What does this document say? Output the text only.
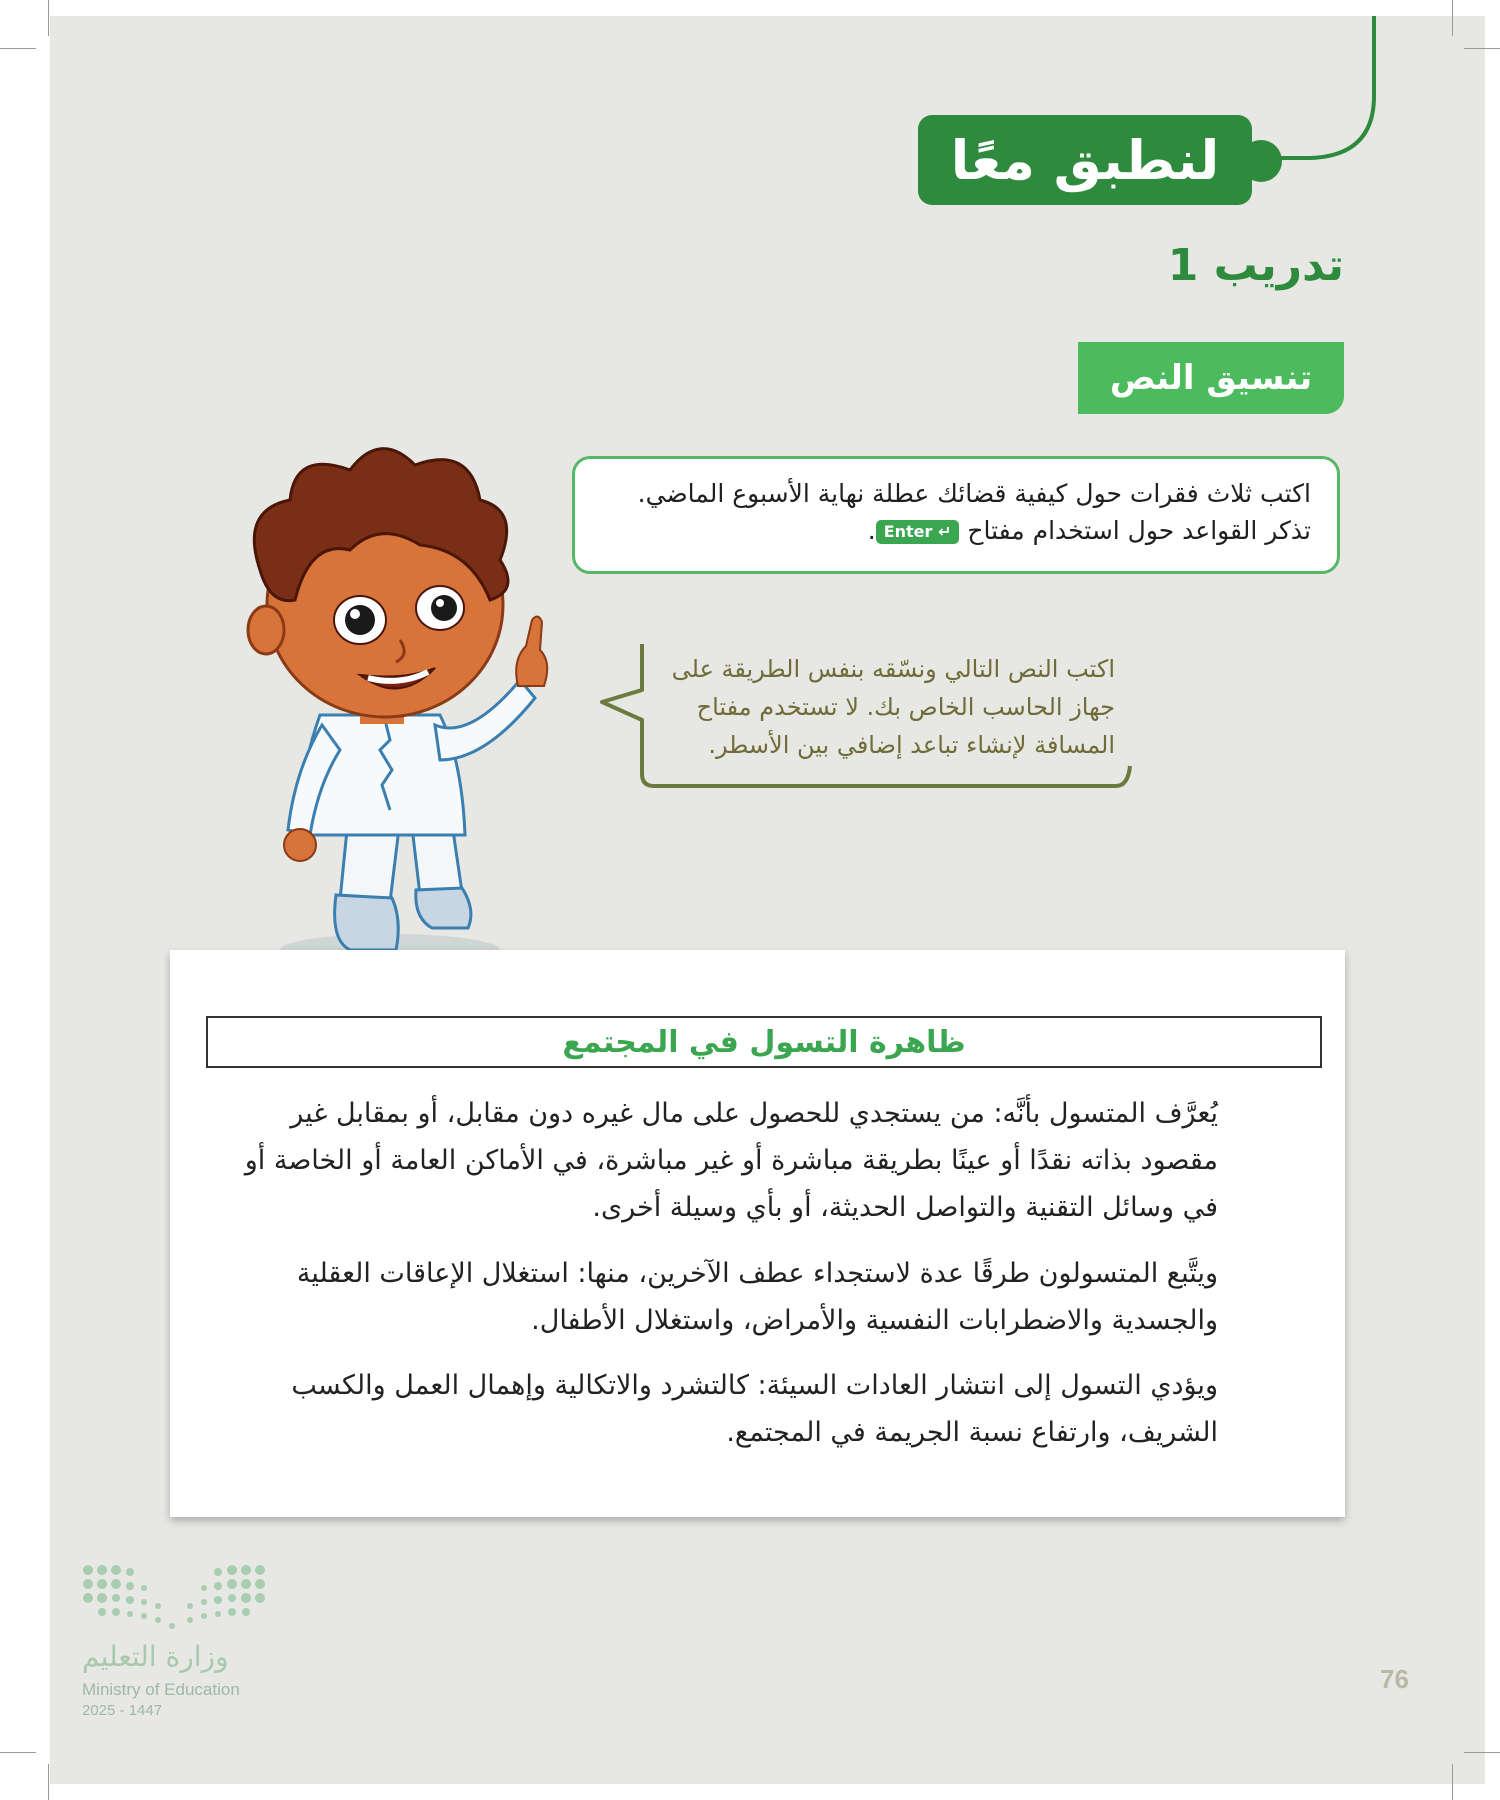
لنطبق معًا
تدريب 1
تنسيق النص
اكتب ثلاث فقرات حول كيفية قضائك عطلة نهاية الأسبوع الماضي.
تذكر القواعد حول استخدام مفتاح Enter ↵.
اكتب النص التالي ونسّقه بنفس الطريقة على
جهاز الحاسب الخاص بك. لا تستخدم مفتاح
المسافة لإنشاء تباعد إضافي بين الأسطر.
ظاهرة التسول في المجتمع
يُعرَّف المتسول بأنَّه: من يستجدي للحصول على مال غيره دون مقابل، أو بمقابل غير مقصود بذاته نقدًا أو عينًا بطريقة مباشرة أو غير مباشرة، في الأماكن العامة أو الخاصة أو في وسائل التقنية والتواصل الحديثة، أو بأي وسيلة أخرى.
ويتَّبع المتسولون طرقًا عدة لاستجداء عطف الآخرين، منها: استغلال الإعاقات العقلية والجسدية والاضطرابات النفسية والأمراض، واستغلال الأطفال.
ويؤدي التسول إلى انتشار العادات السيئة: كالتشرد والاتكالية وإهمال العمل والكسب الشريف، وارتفاع نسبة الجريمة في المجتمع.
وزارة التعليم
Ministry of Education
2025 - 1447
76
